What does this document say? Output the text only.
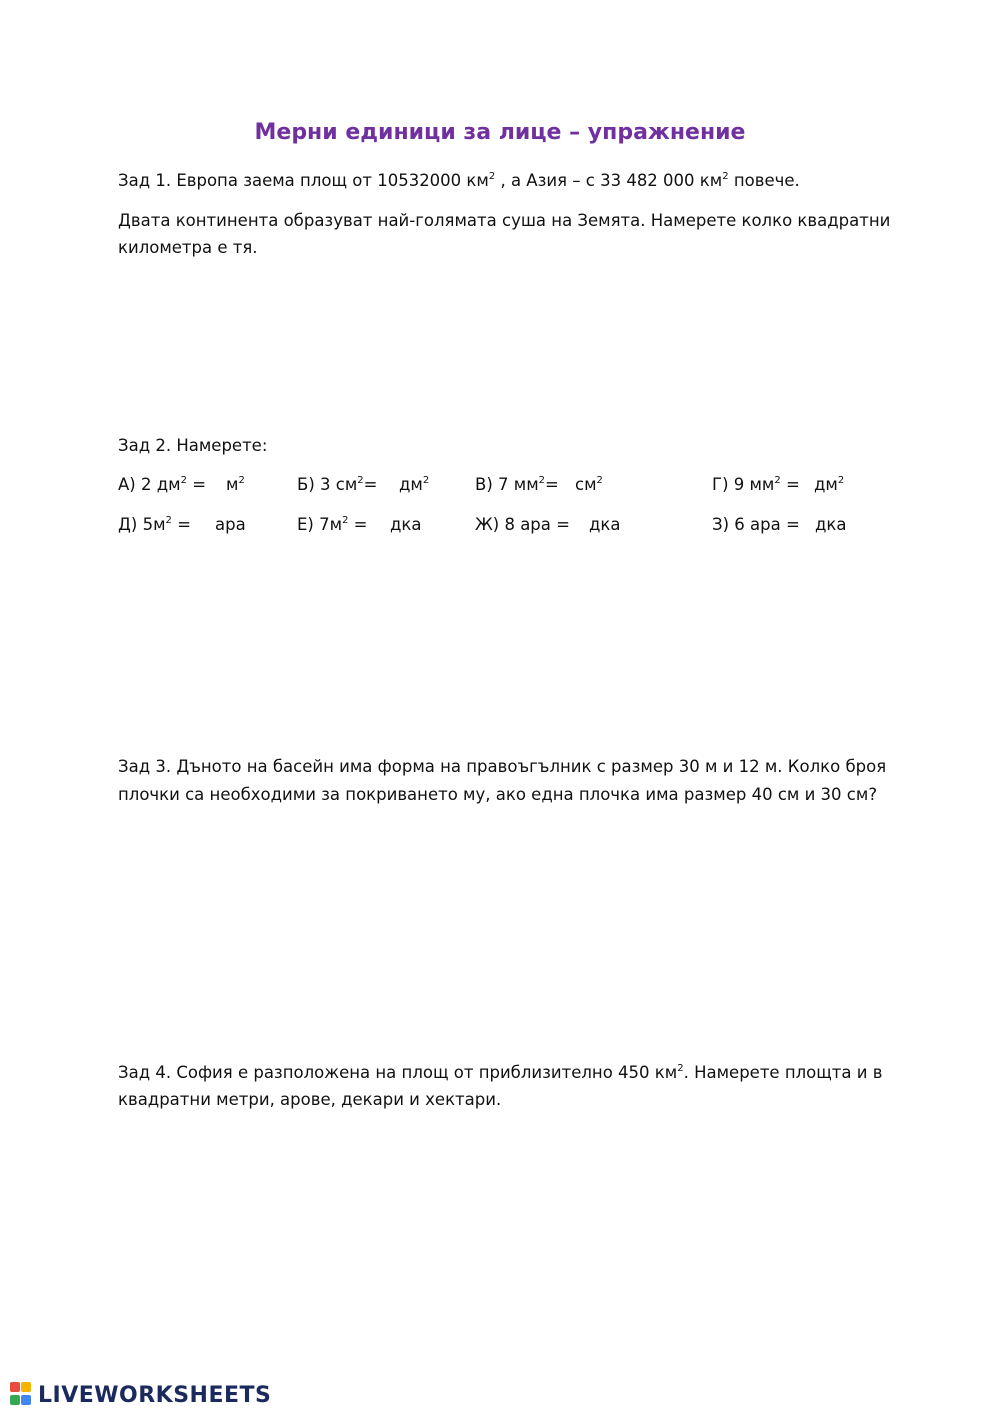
Мерни единици за лице – упражнение
Зад 1. Европа заема площ от 10532000 $км^2$ , а Азия – с 33 482 000 $км^2$ повече.
Двата континента образуват най-голямата суша на Земята. Намерете колко квадратни
километра е тя.
Зад 2. Намерете:
А) 2 $дм^2 = м^2$	Б) 3 $см^2= дм^2$	В) 7 $мм^2= см^2$	Г) 9 $мм^2 = дм^2$
Д) $5м^2$ = ара	Е) $7м^2$ = дка	Ж) 8 ара = дка	З) 6 ара = дка
Зад 3. Дъното на басейн има форма на правоъгълник с размер 30 м и 12 м. Колко броя
плочки са необходими за покриването му, ако една плочка има размер 40 см и 30 см?
Зад 4. София е разположена на площ от приблизително 450 $км^2$. Намерете площта и в
квадратни метри, арове, декари и хектари.
LIVEWORKSHEETS
